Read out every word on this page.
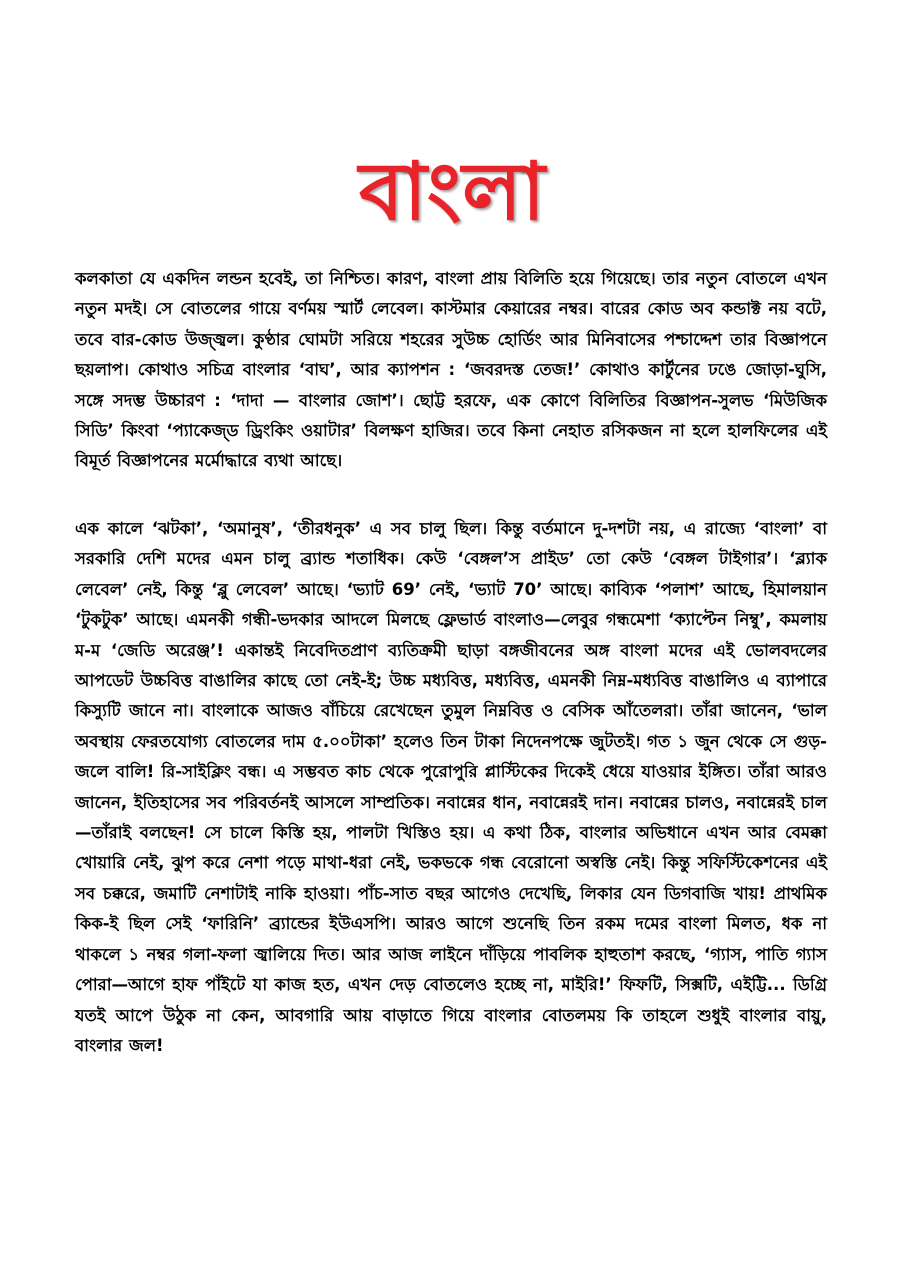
বাংলা

কলকাতা যে একদিন লন্ডন হবেই, তা নিশ্চিত। কারণ, বাংলা প্রায় বিলিতি হয়ে গিয়েছে। তার নতুন বোতলে এখন নতুন মদই। সে বোতলের গায়ে বর্ণময় স্মার্ট লেবেল। কাস্টমার কেয়ারের নম্বর। বারের কোড অব কন্ডাক্ট নয় বটে, তবে বার-কোড উজ্জ্বল। কুণ্ঠার ঘোমটা সরিয়ে শহরের সুউচ্চ হোর্ডিং আর মিনিবাসের পশ্চাদ্দেশ তার বিজ্ঞাপনে ছয়লাপ। কোথাও সচিত্র বাংলার ‘বাঘ’, আর ক্যাপশন : ‘জবরদস্ত তেজ!’ কোথাও কার্টুনের ঢঙে জোড়া-ঘুসি, সঙ্গে সদম্ভ উচ্চারণ : ‘দাদা — বাংলার জোশ’। ছোট্ট হরফে, এক কোণে বিলিতির বিজ্ঞাপন-সুলভ ‘মিউজিক সিডি’ কিংবা ‘প্যাকেজ্‌ড ড্রিংকিং ওয়াটার’ বিলক্ষণ হাজির। তবে কিনা নেহাত রসিকজন না হলে হালফিলের এই বিমূর্ত বিজ্ঞাপনের মর্মোদ্ধারে ব্যথা আছে।

এক কালে ‘ঝটকা’, ‘অমানুষ’, ‘তীরধনুক’ এ সব চালু ছিল। কিন্তু বর্তমানে দু-দশটা নয়, এ রাজ্যে ‘বাংলা’ বা সরকারি দেশি মদের এমন চালু ব্র্যান্ড শতাধিক। কেউ ‘বেঙ্গল’স প্রাইড’ তো কেউ ‘বেঙ্গল টাইগার’। ‘ব্ল্যাক লেবেল’ নেই, কিন্তু ‘ব্লু লেবেল’ আছে। ‘ভ্যাট 69’ নেই, ‘ভ্যাট 70’ আছে। কাব্যিক ‘পলাশ’ আছে, হিমালয়ান ‘টুকটুক’ আছে। এমনকী গন্ধী-ভদকার আদলে মিলছে ফ্লেভার্ড বাংলাও—লেবুর গন্ধমেশা ‘ক্যাপ্টেন নিম্বু’, কমলায় ম-ম ‘জেডি অরেঞ্জ’! একান্তই নিবেদিতপ্রাণ ব্যতিক্রমী ছাড়া বঙ্গজীবনের অঙ্গ বাংলা মদের এই ভোলবদলের আপডেট উচ্চবিত্ত বাঙালির কাছে তো নেই-ই; উচ্চ মধ্যবিত্ত, মধ্যবিত্ত, এমনকী নিম্ন-মধ্যবিত্ত বাঙালিও এ ব্যাপারে কিস্যুটি জানে না। বাংলাকে আজও বাঁচিয়ে রেখেছেন তুমুল নিম্নবিত্ত ও বেসিক আঁতেলরা। তাঁরা জানেন, ‘ভাল অবস্থায় ফেরতযোগ্য বোতলের দাম ৫.০০টাকা’ হলেও তিন টাকা নিদেনপক্ষে জুটতই। গত ১ জুন থেকে সে গুড়-জলে বালি! রি-সাইক্লিং বন্ধ। এ সম্ভবত কাচ থেকে পুরোপুরি প্লাস্টিকের দিকেই ধেয়ে যাওয়ার ইঙ্গিত। তাঁরা আরও জানেন, ইতিহাসের সব পরিবর্তনই আসলে সাম্প্রতিক। নবান্নের ধান, নবান্নেরই দান। নবান্নের চালও, নবান্নেরই চাল—তাঁরাই বলছেন! সে চালে কিস্তি হয়, পালটা খিস্তিও হয়। এ কথা ঠিক, বাংলার অভিধানে এখন আর বেমক্কা খোয়ারি নেই, ঝুপ করে নেশা পড়ে মাথা-ধরা নেই, ভকভকে গন্ধ বেরোনো অস্বস্তি নেই। কিন্তু সফিস্টিকেশনের এই সব চক্করে, জমাটি নেশাটাই নাকি হাওয়া। পাঁচ-সাত বছর আগেও দেখেছি, লিকার যেন ডিগবাজি খায়! প্রাথমিক কিক-ই ছিল সেই ‘ফারিনি’ ব্র্যান্ডের ইউএসপি। আরও আগে শুনেছি তিন রকম দমের বাংলা মিলত, ধক না থাকলে ১ নম্বর গলা-ফলা জ্বালিয়ে দিত। আর আজ লাইনে দাঁড়িয়ে পাবলিক হাহুতাশ করছে, ‘গ্যাস, পাতি গ্যাস পোরা—আগে হাফ পাঁইটে যা কাজ হত, এখন দেড় বোতলেও হচ্ছে না, মাইরি!’ ফিফটি, সিক্সটি, এইট্টি... ডিগ্রি যতই আপে উঠুক না কেন, আবগারি আয় বাড়াতে গিয়ে বাংলার বোতলময় কি তাহলে শুধুই বাংলার বায়ু, বাংলার জল!
